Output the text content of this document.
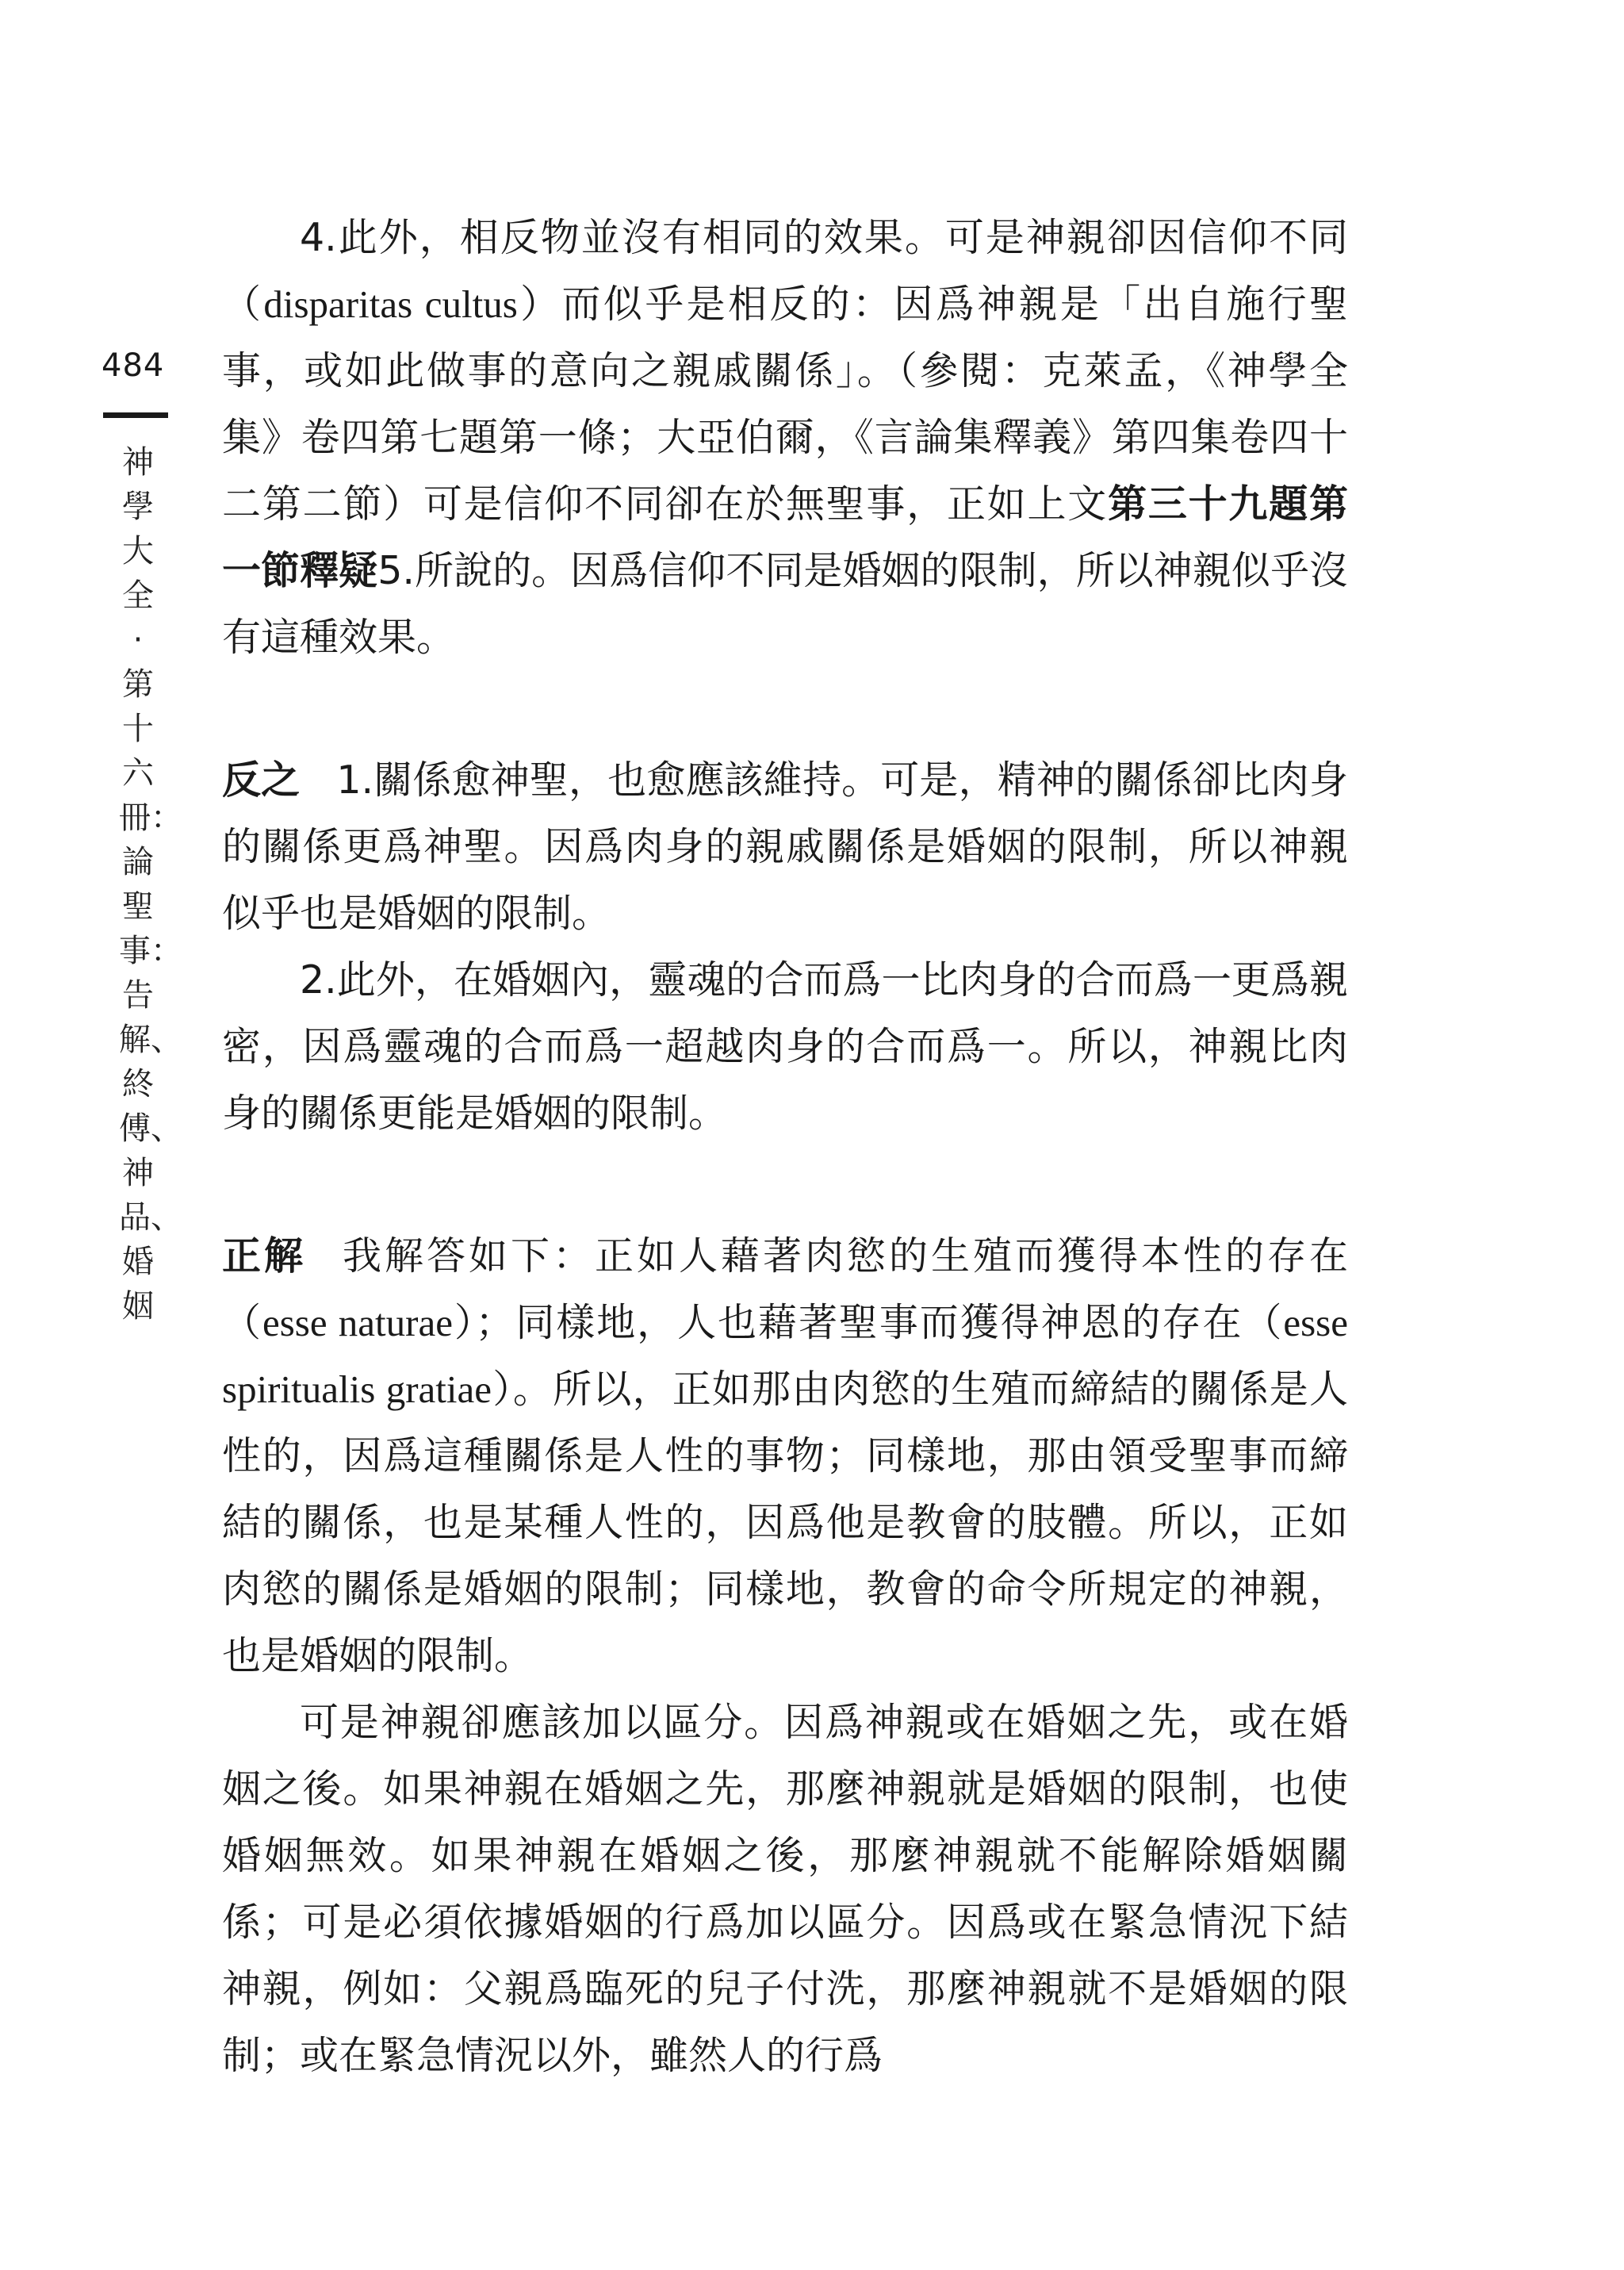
484
神學大全·第十六冊：論聖事：告解、終傅、神品、婚姻

4.此外，相反物並沒有相同的效果。可是神親卻因信仰不同（disparitas cultus）而似乎是相反的：因爲神親是「出自施行聖事，或如此做事的意向之親戚關係」。（參閱：克萊孟，《神學全集》卷四第七題第一條；大亞伯爾，《言論集釋義》第四集卷四十二第二節）可是信仰不同卻在於無聖事，正如上文第三十九題第一節釋疑5.所說的。因爲信仰不同是婚姻的限制，所以神親似乎沒有這種效果。

反之 1.關係愈神聖，也愈應該維持。可是，精神的關係卻比肉身的關係更爲神聖。因爲肉身的親戚關係是婚姻的限制，所以神親似乎也是婚姻的限制。

2.此外，在婚姻內，靈魂的合而爲一比肉身的合而爲一更爲親密，因爲靈魂的合而爲一超越肉身的合而爲一。所以，神親比肉身的關係更能是婚姻的限制。

正解 我解答如下：正如人藉著肉慾的生殖而獲得本性的存在（esse naturae）；同樣地，人也藉著聖事而獲得神恩的存在（esse spiritualis gratiae）。所以，正如那由肉慾的生殖而締結的關係是人性的，因爲這種關係是人性的事物；同樣地，那由領受聖事而締結的關係，也是某種人性的，因爲他是教會的肢體。所以，正如肉慾的關係是婚姻的限制；同樣地，教會的命令所規定的神親，也是婚姻的限制。

可是神親卻應該加以區分。因爲神親或在婚姻之先，或在婚姻之後。如果神親在婚姻之先，那麼神親就是婚姻的限制，也使婚姻無效。如果神親在婚姻之後，那麼神親就不能解除婚姻關係；可是必須依據婚姻的行爲加以區分。因爲或在緊急情況下結神親，例如：父親爲臨死的兒子付洗，那麼神親就不是婚姻的限制；或在緊急情況以外，雖然人的行爲
